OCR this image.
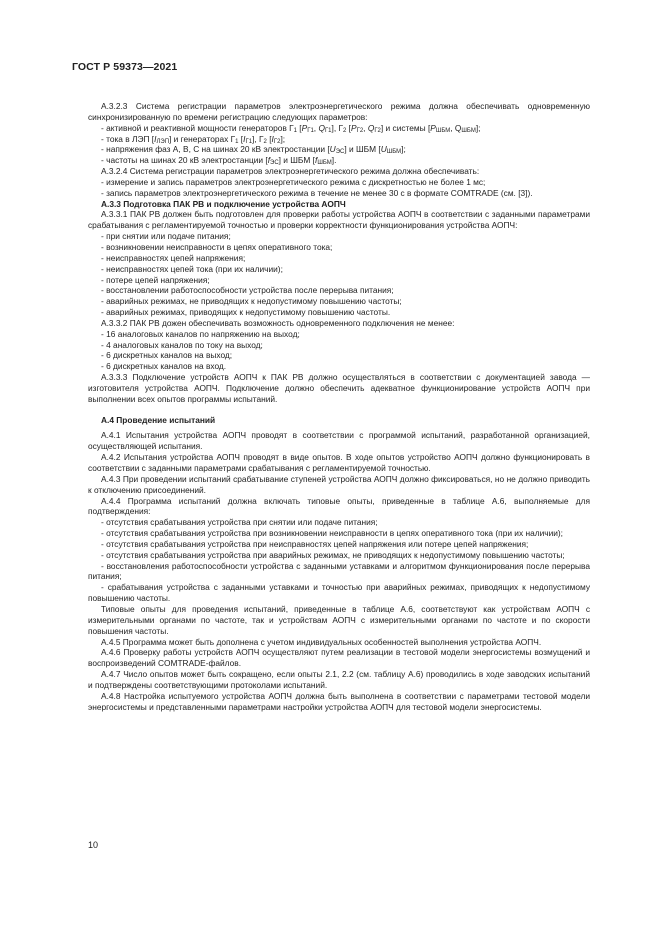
ГОСТ Р 59373—2021

А.3.2.3 Система регистрации параметров электроэнергетического режима должна обеспечивать одновременную синхронизированную по времени регистрацию следующих параметров:

- активной и реактивной мощности генераторов $Г_1$ [$P_{Г1}$, $Q_{Г1}$], $Г_2$ [$P_{Г2}$, $Q_{Г2}$] и системы [$P_{ШБМ}$, $Q_{ШБМ}$];

- тока в ЛЭП $[I_{ЛЭП}]$ и генераторах $Г_1$ $[I_{Г1}]$, $Г_2$ $[I_{Г2}]$;

- напряжения фаз А, В, С на шинах 20 кВ электростанции $[U_{ЭС}]$ и ШБМ $[U_{ШБМ}]$;

- частоты на шинах 20 кВ электростанции $[f_{ЭС}]$ и ШБМ $[f_{ШБМ}]$.

А.3.2.4 Система регистрации параметров электроэнергетического режима должна обеспечивать:

- измерение и запись параметров электроэнергетического режима с дискретностью не более 1 мс;

- запись параметров электроэнергетического режима в течение не менее 30 с в формате COMTRADE (см. [3]).

А.3.3 Подготовка ПАК РВ и подключение устройства АОПЧ

А.3.3.1 ПАК РВ должен быть подготовлен для проверки работы устройства АОПЧ в соответствии с заданными параметрами срабатывания с регламентируемой точностью и проверки корректности функционирования устройства АОПЧ:

- при снятии или подаче питания;

- возникновении неисправности в цепях оперативного тока;

- неисправностях цепей напряжения;

- неисправностях цепей тока (при их наличии);

- потере цепей напряжения;

- восстановлении работоспособности устройства после перерыва питания;

- аварийных режимах, не приводящих к недопустимому повышению частоты;

- аварийных режимах, приводящих к недопустимому повышению частоты.

А.3.3.2 ПАК РВ дожен обеспечивать возможность одновременного подключения не менее:

- 16 аналоговых каналов по напряжению на выход;

- 4 аналоговых каналов по току на выход;

- 6 дискретных каналов на выход;

- 6 дискретных каналов на вход.

А.3.3.3 Подключение устройств АОПЧ к ПАК РВ должно осуществляться в соответствии с документацией завода — изготовителя устройства АОПЧ. Подключение должно обеспечить адекватное функционирование устройств АОПЧ при выполнении всех опытов программы испытаний.

А.4 Проведение испытаний

А.4.1 Испытания устройства АОПЧ проводят в соответствии с программой испытаний, разработанной организацией, осуществляющей испытания.

А.4.2 Испытания устройства АОПЧ проводят в виде опытов. В ходе опытов устройство АОПЧ должно функционировать в соответствии с заданными параметрами срабатывания с регламентируемой точностью.

А.4.3 При проведении испытаний срабатывание ступеней устройства АОПЧ должно фиксироваться, но не должно приводить к отключению присоединений.

А.4.4 Программа испытаний должна включать типовые опыты, приведенные в таблице А.6, выполняемые для подтверждения:

- отсутствия срабатывания устройства при снятии или подаче питания;

- отсутствия срабатывания устройства при возникновении неисправности в цепях оперативного тока (при их наличии);

- отсутствия срабатывания устройства при неисправностях цепей напряжения или потере цепей напряжения;

- отсутствия срабатывания устройства при аварийных режимах, не приводящих к недопустимому повышению частоты;

- восстановления работоспособности устройства с заданными уставками и алгоритмом функционирования после перерыва питания;

- срабатывания устройства с заданными уставками и точностью при аварийных режимах, приводящих к недопустимому повышению частоты.

Типовые опыты для проведения испытаний, приведенные в таблице А.6, соответствуют как устройствам АОПЧ с измерительными органами по частоте, так и устройствам АОПЧ с измерительными органами по частоте и по скорости повышения частоты.

А.4.5 Программа может быть дополнена с учетом индивидуальных особенностей выполнения устройства АОПЧ.

А.4.6 Проверку работы устройств АОПЧ осуществляют путем реализации в тестовой модели энергосистемы возмущений и воспроизведений COMTRADE-файлов.

А.4.7 Число опытов может быть сокращено, если опыты 2.1, 2.2 (см. таблицу А.6) проводились в ходе заводских испытаний и подтверждены соответствующими протоколами испытаний.

А.4.8 Настройка испытуемого устройства АОПЧ должна быть выполнена в соответствии с параметрами тестовой модели энергосистемы и представленными параметрами настройки устройства АОПЧ для тестовой модели энергосистемы.

10
